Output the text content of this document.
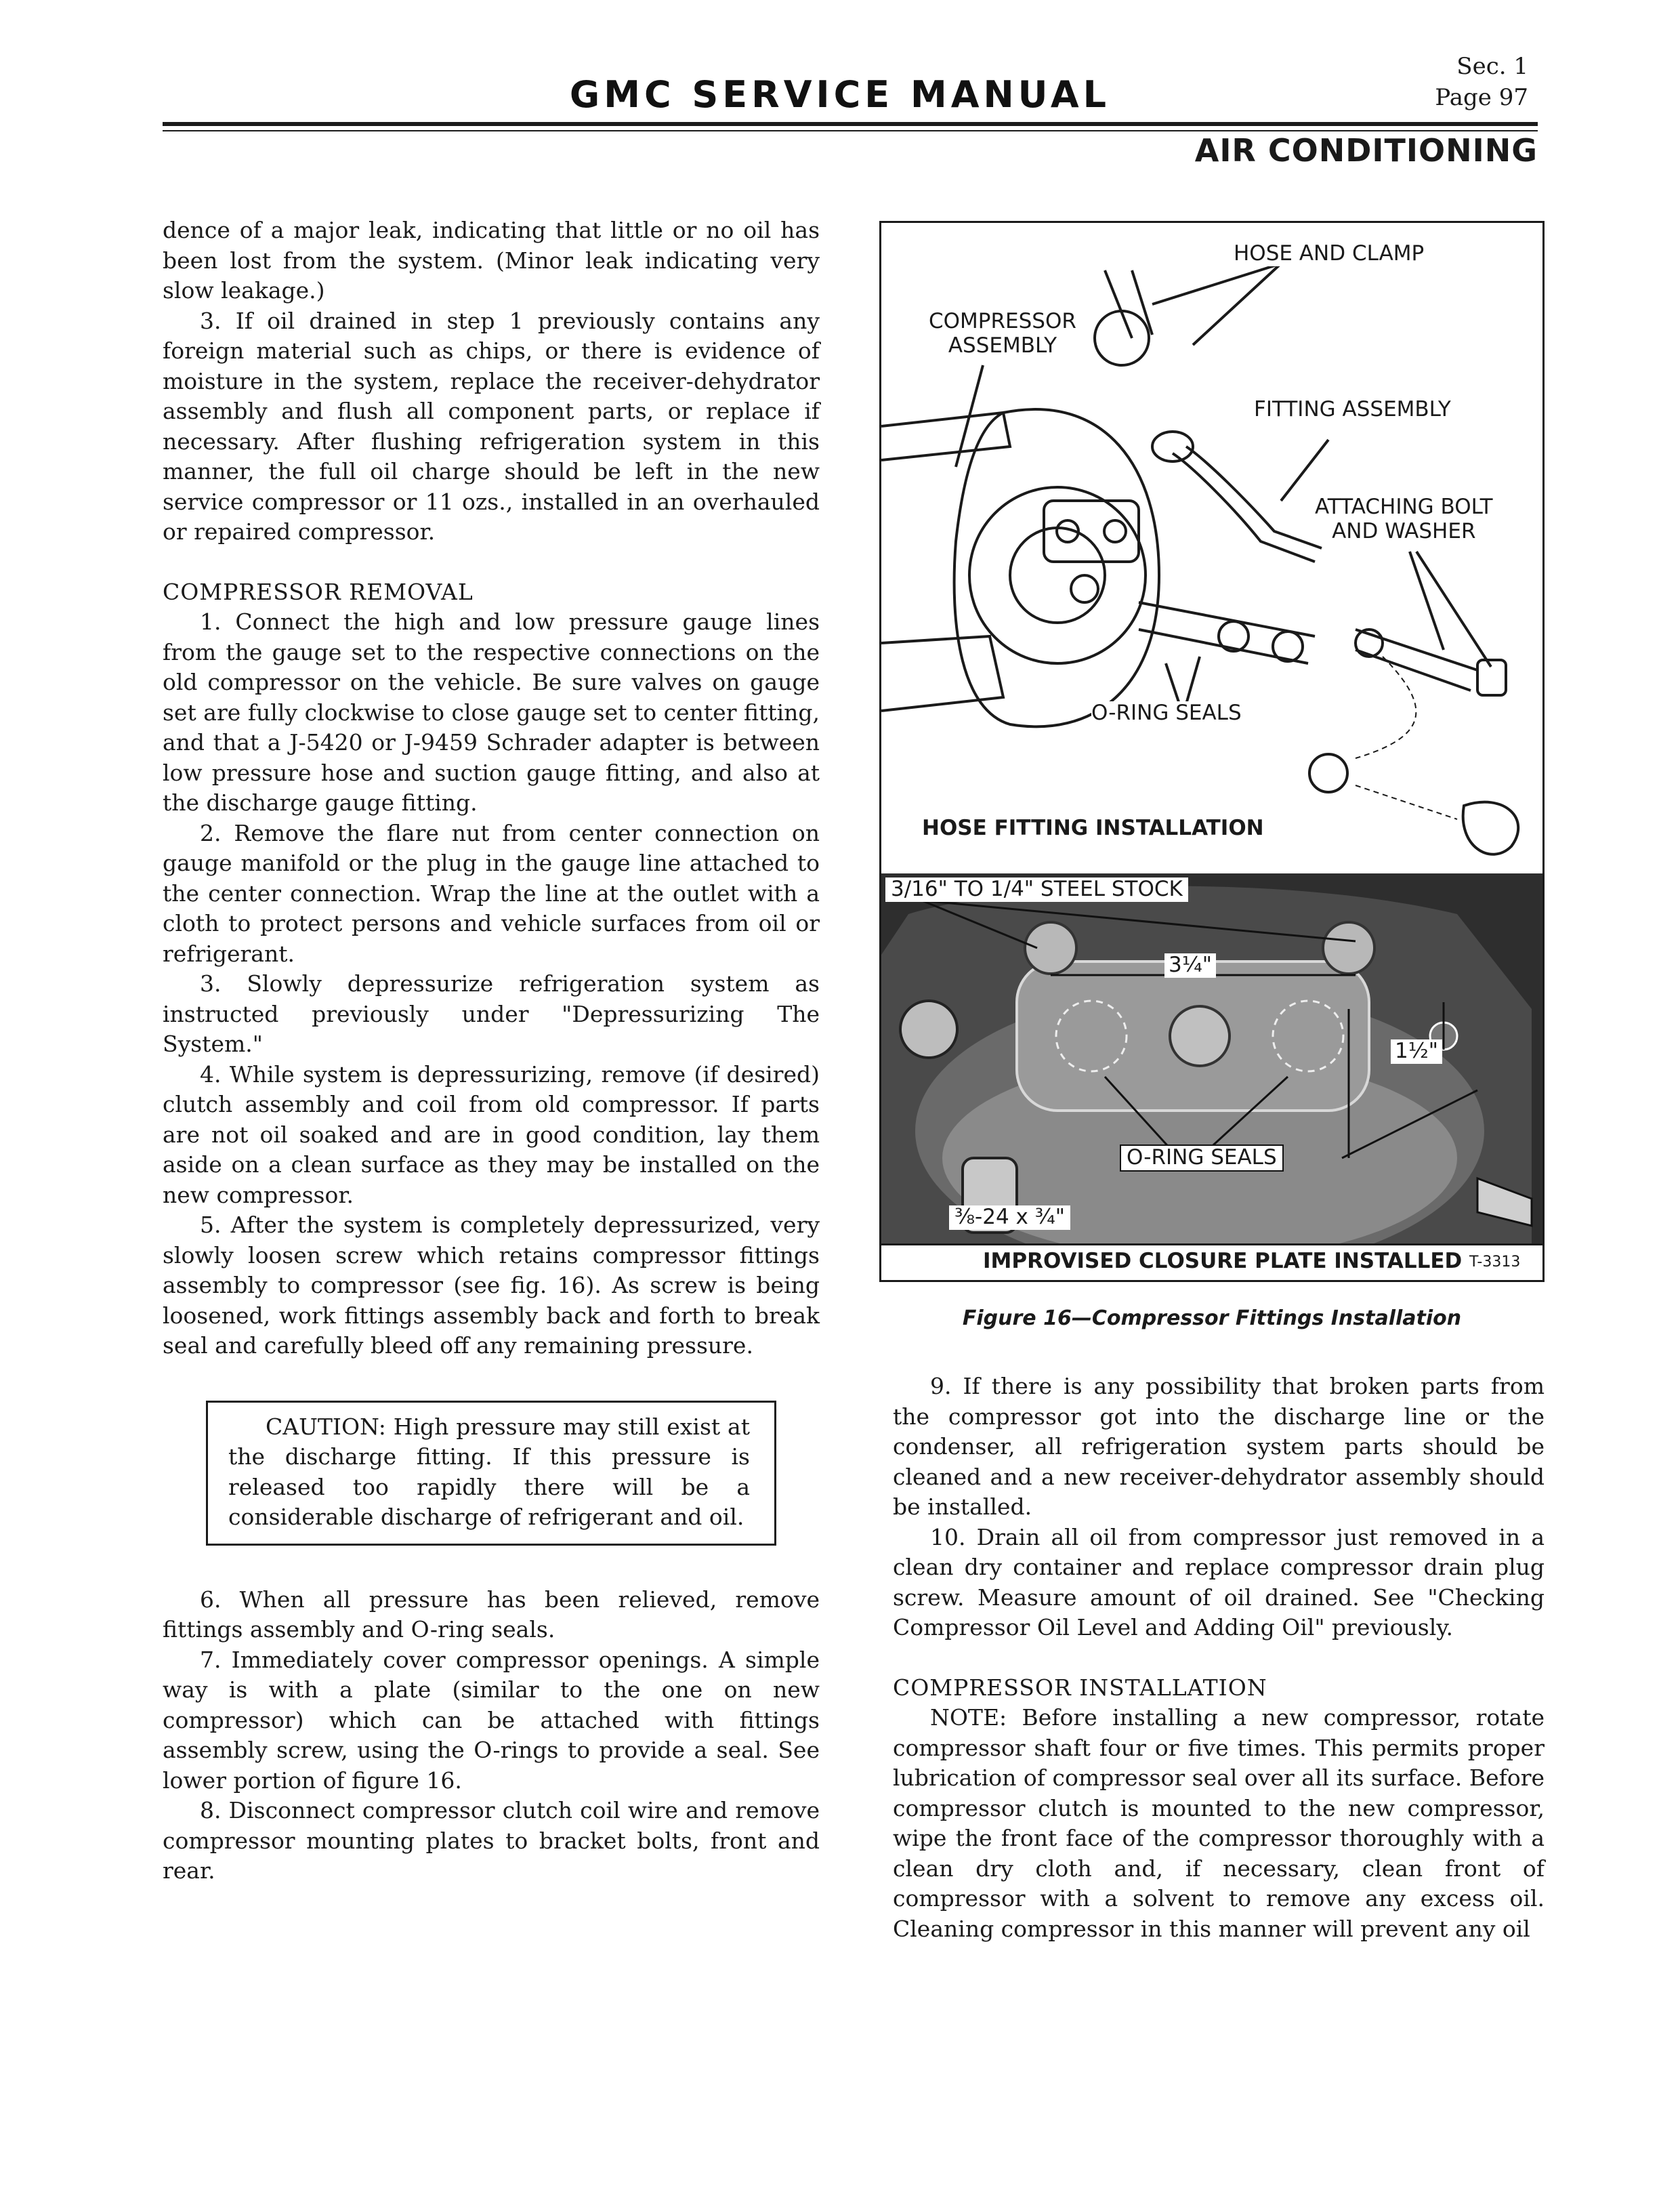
Sec. 1
Page 97
GMC SERVICE MANUAL
AIR CONDITIONING

dence of a major leak, indicating that little or no oil has been lost from the system. (Minor leak indicating very slow leakage.)

3. If oil drained in step 1 previously contains any foreign material such as chips, or there is evidence of moisture in the system, replace the receiver-dehydrator assembly and flush all component parts, or replace if necessary. After flushing refrigeration system in this manner, the full oil charge should be left in the new service compressor or 11 ozs., installed in an overhauled or repaired compressor.

COMPRESSOR REMOVAL

1. Connect the high and low pressure gauge lines from the gauge set to the respective connections on the old compressor on the vehicle. Be sure valves on gauge set are fully clockwise to close gauge set to center fitting, and that a J-5420 or J-9459 Schrader adapter is between low pressure hose and suction gauge fitting, and also at the discharge gauge fitting.

2. Remove the flare nut from center connection on gauge manifold or the plug in the gauge line attached to the center connection. Wrap the line at the outlet with a cloth to protect persons and vehicle surfaces from oil or refrigerant.

3. Slowly depressurize refrigeration system as instructed previously under "Depressurizing The System."

4. While system is depressurizing, remove (if desired) clutch assembly and coil from old compressor. If parts are not oil soaked and are in good condition, lay them aside on a clean surface as they may be installed on the new compressor.

5. After the system is completely depressurized, very slowly loosen screw which retains compressor fittings assembly to compressor (see fig. 16). As screw is being loosened, work fittings assembly back and forth to break seal and carefully bleed off any remaining pressure.

CAUTION: High pressure may still exist at the discharge fitting. If this pressure is released too rapidly there will be a considerable discharge of refrigerant and oil.

6. When all pressure has been relieved, remove fittings assembly and O-ring seals.

7. Immediately cover compressor openings. A simple way is with a plate (similar to the one on new compressor) which can be attached with fittings assembly screw, using the O-rings to provide a seal. See lower portion of figure 16.

8. Disconnect compressor clutch coil wire and remove compressor mounting plates to bracket bolts, front and rear.

HOSE AND CLAMP
COMPRESSOR
ASSEMBLY
FITTING ASSEMBLY
ATTACHING BOLT
AND WASHER
O-RING SEALS
HOSE FITTING INSTALLATION
3/16" TO 1/4" STEEL STOCK
3¼"
1½"
O-RING SEALS
⅜-24 x ¾"
IMPROVISED CLOSURE PLATE INSTALLED T-3313
Figure 16—Compressor Fittings Installation

9. If there is any possibility that broken parts from the compressor got into the discharge line or the condenser, all refrigeration system parts should be cleaned and a new receiver-dehydrator assembly should be installed.

10. Drain all oil from compressor just removed in a clean dry container and replace compressor drain plug screw. Measure amount of oil drained. See "Checking Compressor Oil Level and Adding Oil" previously.

COMPRESSOR INSTALLATION

NOTE: Before installing a new compressor, rotate compressor shaft four or five times. This permits proper lubrication of compressor seal over all its surface. Before compressor clutch is mounted to the new compressor, wipe the front face of the compressor thoroughly with a clean dry cloth and, if necessary, clean front of compressor with a solvent to remove any excess oil. Cleaning compressor in this manner will prevent any oil
